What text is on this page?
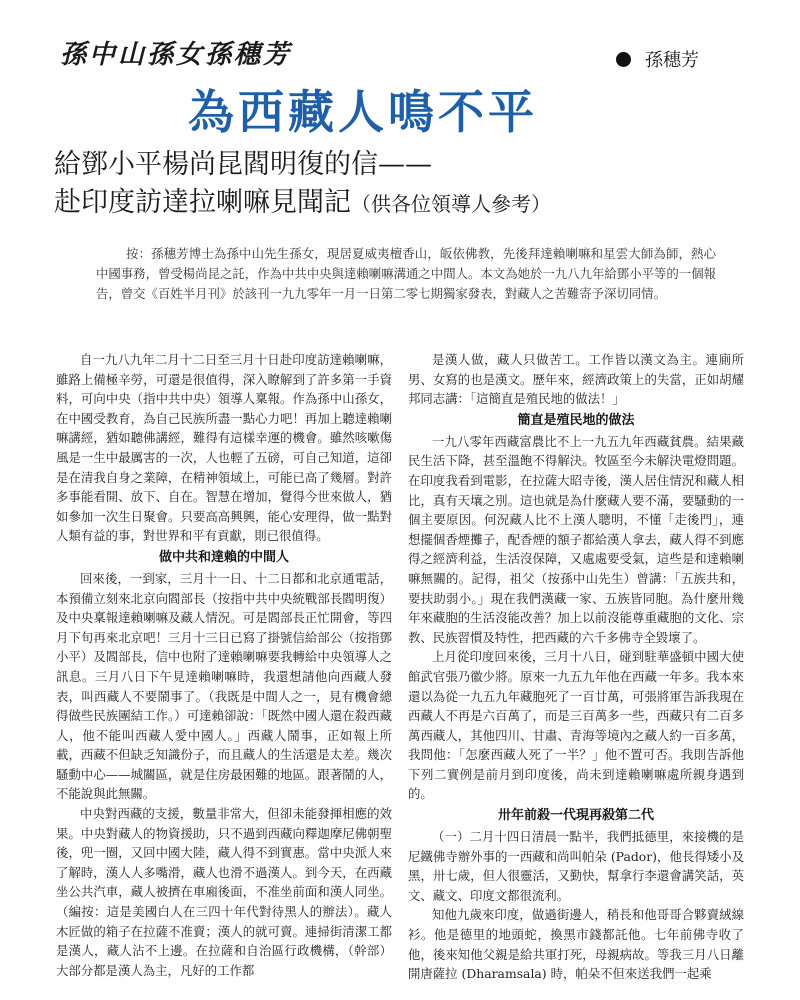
孫中山孫女孫穗芳	孫穗芳
為西藏人鳴不平
給鄧小平楊尚昆閻明復的信——
赴印度訪達拉喇嘛見聞記（供各位領導人參考）
按：孫穗芳博士為孫中山先生孫女，現居夏威夷檀香山，皈依佛教，先後拜達賴喇嘛和星雲大師為師，熱心中國事務，曾受楊尚昆之託，作為中共中央與達賴喇嘛溝通之中間人。本文為她於一九八九年給鄧小平等的一個報告，曾交《百姓半月刊》於該刊一九九零年一月一日第二零七期獨家發表，對藏人之苦難寄予深切同情。

自一九八九年二月十二日至三月十日赴印度訪達賴喇嘛，雖路上備極辛勞，可還是很值得，深入瞭解到了許多第一手資料，可向中央（指中共中央）領導人稟報。作為孫中山孫女，在中國受教育，為自己民族所盡一點心力吧！再加上聽達賴喇嘛講經，猶如聽佛講經，難得有這樣幸運的機會。雖然咳嗽傷風是一生中最厲害的一次，人也輕了五磅，可自己知道，這卻是在清我自身之業障，在精神領域上，可能已高了幾層。對許多事能看開、放下、自在。智慧在增加，覺得今世來做人，猶如參加一次生日聚會。只要高高興興，能心安理得，做一點對人類有益的事，對世界和平有貢獻，則已很值得。

做中共和達賴的中間人

回來後，一到家，三月十一日、十二日都和北京通電話，本預備立刻來北京向閻部長（按指中共中央統戰部長閻明復）及中央稟報達賴喇嘛及藏人情況。可是閻部長正忙開會，等四月下旬再來北京吧！三月十三日已寫了掛號信給部公（按指鄧小平）及閻部長，信中也附了達賴喇嘛要我轉給中央領導人之訊息。三月八日下午見達賴喇嘛時，我還想請他向西藏人發表，叫西藏人不要鬧事了。（我既是中間人之一，見有機會總得做些民族團結工作。）可達賴卻說：「既然中國人還在殺西藏人，他不能叫西藏人愛中國人。」西藏人鬧事，正如報上所載，西藏不但缺乏知識份子，而且藏人的生活還是太差。幾次騷動中心——城關區，就是住房最困難的地區。跟著鬧的人，不能說與此無關。

中央對西藏的支援，數量非常大，但卻未能發揮相應的效果。中央對藏人的物資援助，只不過到西藏向釋迦摩尼佛朝聖後，兜一圈，又回中國大陸，藏人得不到實惠。當中央派人來了解時，漢人人多嘴滑，藏人也滑不過漢人。到今天，在西藏坐公共汽車，藏人被擠在車廂後面，不准坐前面和漢人同坐。（編按：這是美國白人在三四十年代對待黑人的辦法）。藏人木匠做的箱子在拉薩不准賣；漢人的就可賣。連掃街清潔工都是漢人，藏人沾不上邊。在拉薩和自治區行政機構，（幹部）大部分都是漢人為主，凡好的工作都

是漢人做，藏人只做苦工。工作皆以漢文為主。連廁所男、女寫的也是漢文。歷年來，經濟政策上的失當，正如胡耀邦同志講：「這簡直是殖民地的做法！」

簡直是殖民地的做法

一九八零年西藏富農比不上一九五九年西藏貧農。結果藏民生活下降，甚至溫飽不得解決。牧區至今未解決電燈問題。在印度我看到電影，在拉薩大昭寺後，漢人居住情況和藏人相比，真有天壤之別。這也就是為什麼藏人要不滿，要騷動的一個主要原因。何況藏人比不上漢人聰明，不懂「走後門」，連想擺個香煙攤子，配香煙的額子都給漢人拿去，藏人得不到應得之經濟利益，生活沒保障，又處處要受氣，這些是和達賴喇嘛無關的。記得，祖父（按孫中山先生）曾講：「五族共和，要扶助弱小。」現在我們漢藏一家、五族皆同胞。為什麼卅幾年來藏胞的生活沒能改善？加上以前沒能尊重藏胞的文化、宗教、民族習慣及特性，把西藏的六千多佛寺全毀壞了。

上月從印度回來後，三月十八日，碰到駐華盛頓中國大使館武官張乃徽少將。原來一九五九年他在西藏一年多。我本來還以為從一九五九年藏胞死了一百廿萬，可張將軍告訴我現在西藏人不再是六百萬了，而是三百萬多一些，西藏只有二百多萬西藏人，其他四川、甘肅、青海等境內之藏人約一百多萬，我問他：「怎麼西藏人死了一半？」他不置可否。我則告訴他下列二實例是前月到印度後，尚未到達賴喇嘛處所親身遇到的。

卅年前殺一代現再殺第二代

（一）二月十四日清晨一點半，我們抵德里，來接機的是尼鐵佛寺辦外事的一西藏和尚叫帕朵 (Pador)，他長得矮小及黑，卅七歲，但人很靈活，又勤快，幫拿行李還會講笑話，英文、藏文、印度文都很流利。

知他九歲來印度，做過街邊人，稍長和他哥哥合夥賣絨線衫。他是德里的地頭蛇，換黑市錢都託他。七年前佛寺收了他，後來知他父親是給共軍打死，母親病故。等我三月八日離開唐薩拉 (Dharamsala) 時，帕朵不但來送我們一起乘
